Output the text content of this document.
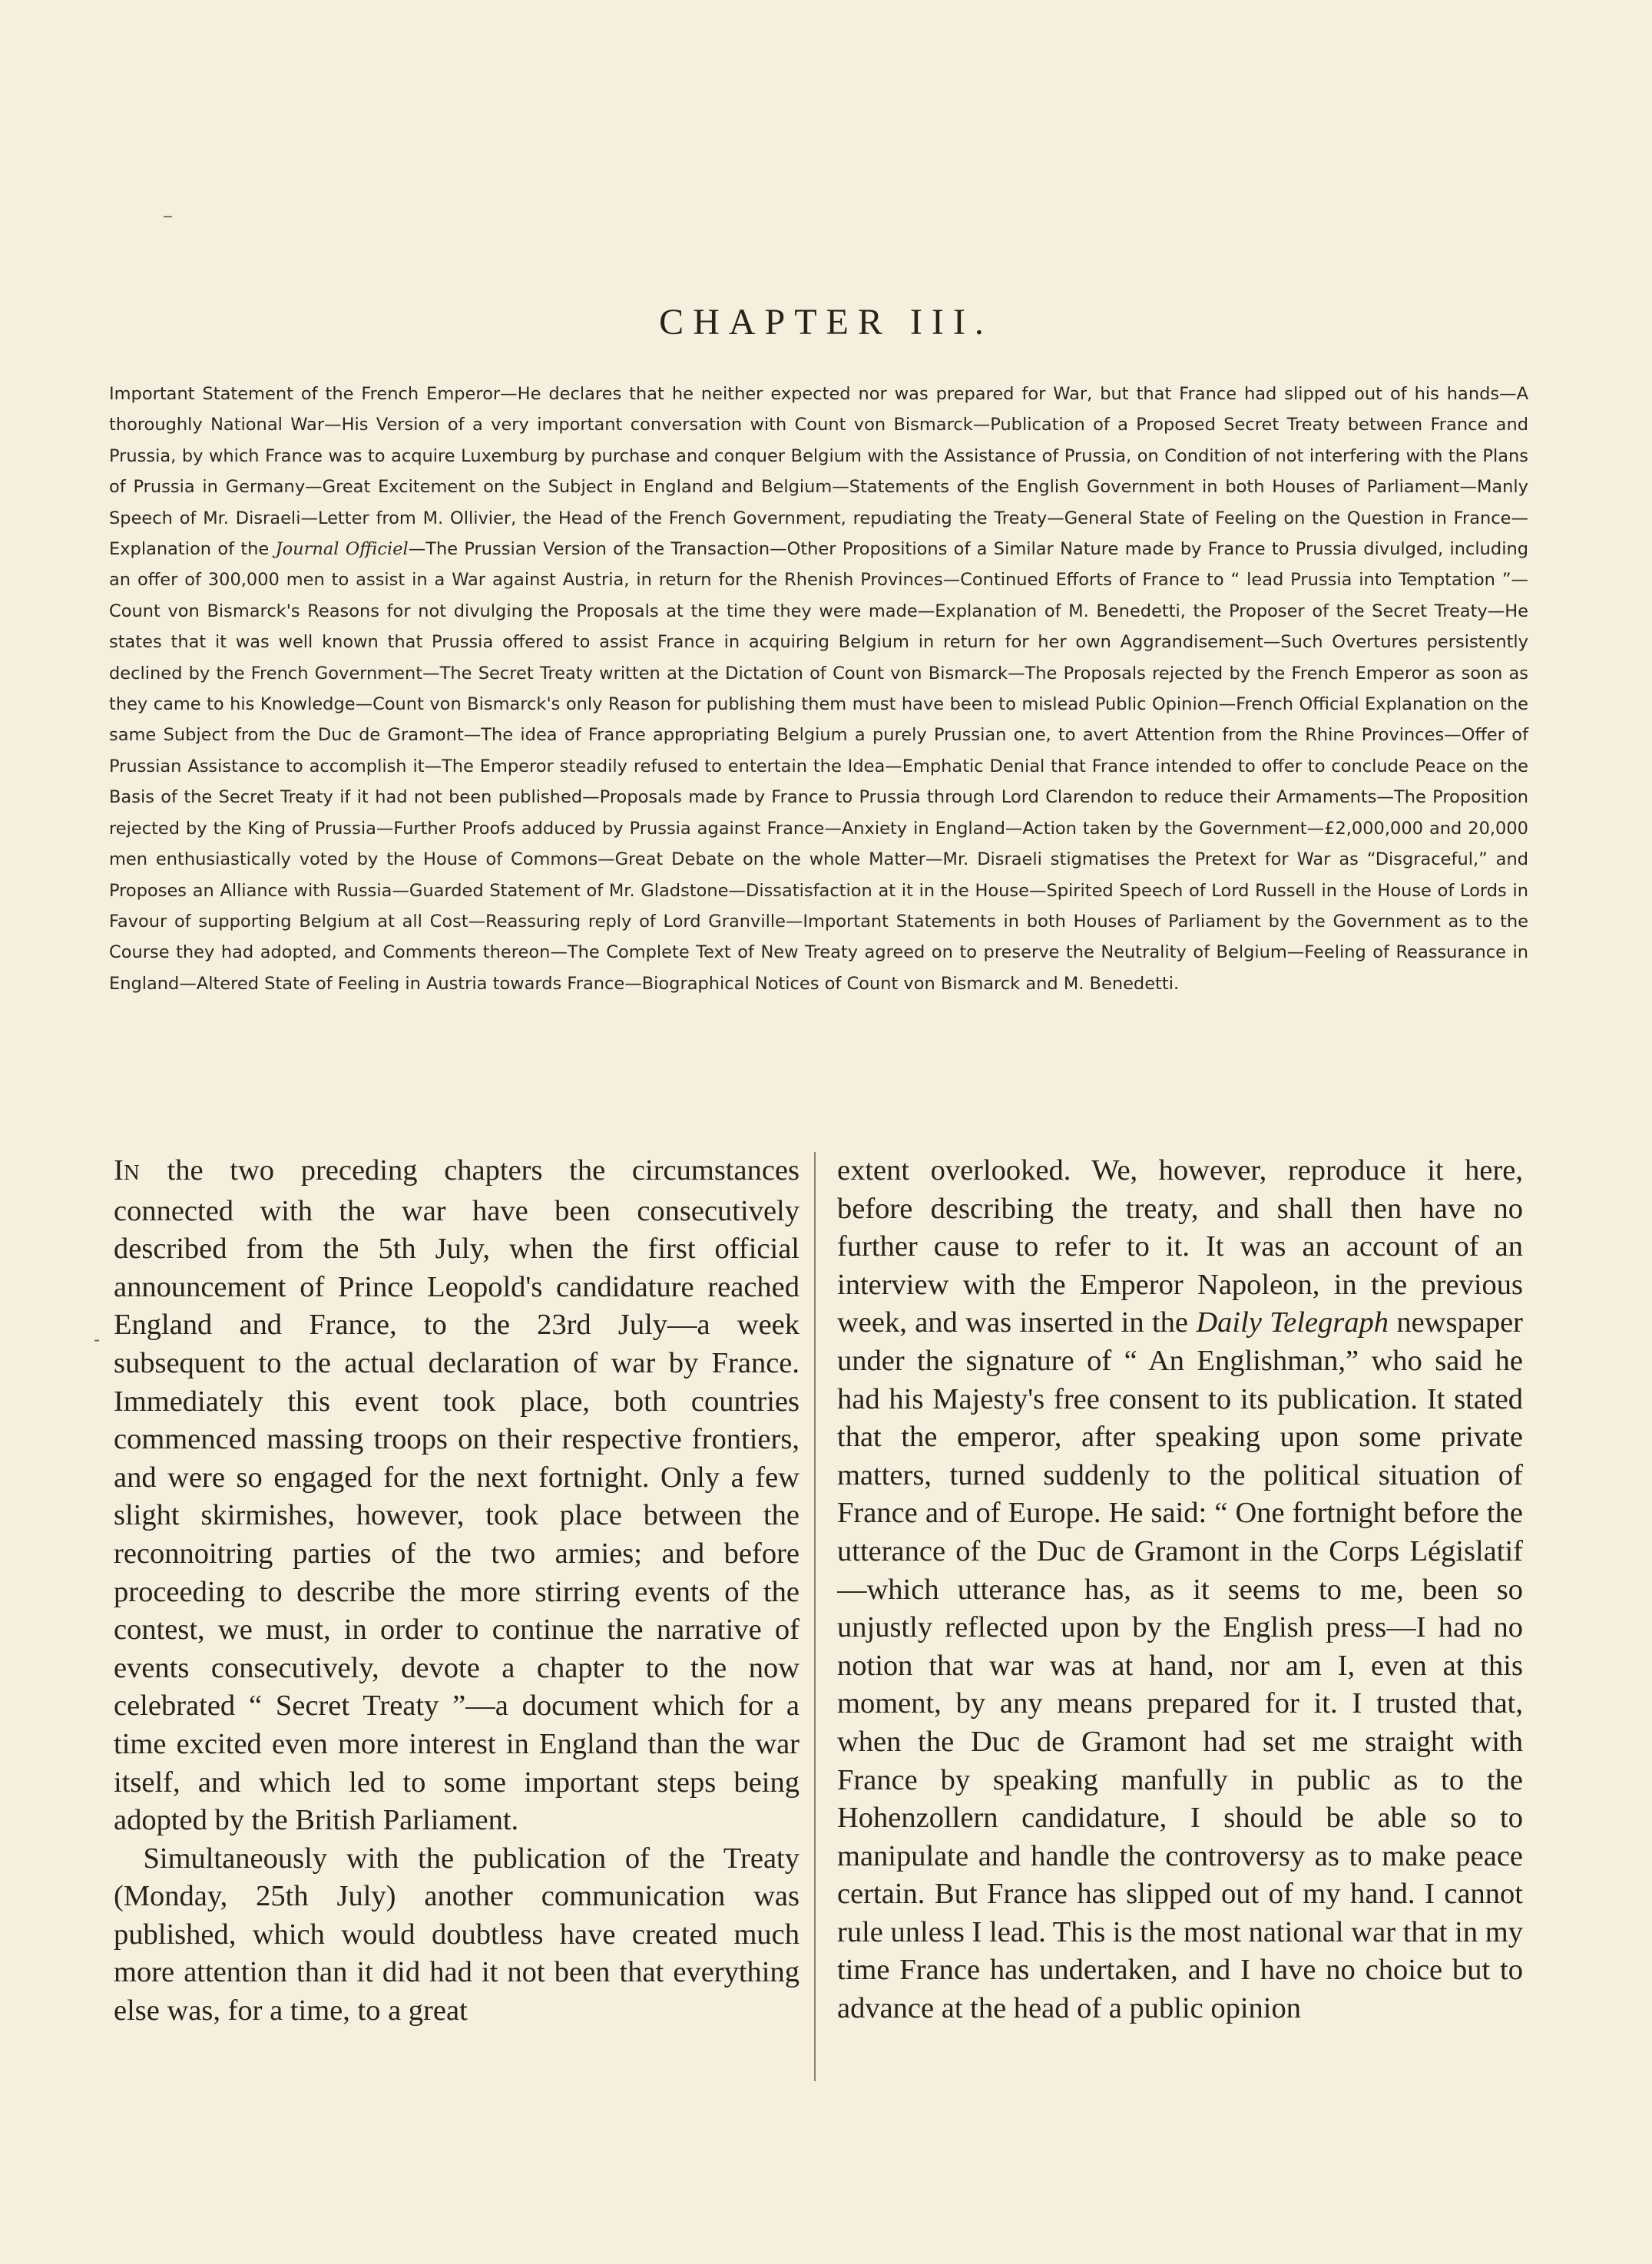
–
CHAPTER III.

Important Statement of the French Emperor—He declares that he neither expected nor was prepared for War, but that France had slipped out of his hands—A thoroughly National War—His Version of a very important conversation with Count von Bismarck—Publication of a Proposed Secret Treaty between France and Prussia, by which France was to acquire Luxemburg by purchase and conquer Belgium with the Assistance of Prussia, on Condition of not interfering with the Plans of Prussia in Germany—Great Excitement on the Subject in England and Belgium—Statements of the English Government in both Houses of Parliament—Manly Speech of Mr. Disraeli—Letter from M. Ollivier, the Head of the French Government, repudiating the Treaty—General State of Feeling on the Question in France—Explanation of the Journal Officiel—The Prussian Version of the Transaction—Other Propositions of a Similar Nature made by France to Prussia divulged, including an offer of 300,000 men to assist in a War against Austria, in return for the Rhenish Provinces—Continued Efforts of France to “ lead Prussia into Temptation ”—Count von Bismarck's Reasons for not divulging the Proposals at the time they were made—Explanation of M. Benedetti, the Proposer of the Secret Treaty—He states that it was well known that Prussia offered to assist France in acquiring Belgium in return for her own Aggrandisement—Such Overtures persistently declined by the French Government—The Secret Treaty written at the Dictation of Count von Bismarck—The Proposals rejected by the French Emperor as soon as they came to his Knowledge—Count von Bismarck's only Reason for publishing them must have been to mislead Public Opinion—French Official Explanation on the same Subject from the Duc de Gramont—The idea of France appropriating Belgium a purely Prussian one, to avert Attention from the Rhine Provinces—Offer of Prussian Assistance to accomplish it—The Emperor steadily refused to entertain the Idea—Emphatic Denial that France intended to offer to conclude Peace on the Basis of the Secret Treaty if it had not been published—Proposals made by France to Prussia through Lord Clarendon to reduce their Armaments—The Proposition rejected by the King of Prussia—Further Proofs adduced by Prussia against France—Anxiety in England—Action taken by the Government—£2,000,000 and 20,000 men enthusiastically voted by the House of Commons—Great Debate on the whole Matter—Mr. Disraeli stigmatises the Pretext for War as “Disgraceful,” and Proposes an Alliance with Russia—Guarded Statement of Mr. Gladstone—Dissatisfaction at it in the House—Spirited Speech of Lord Russell in the House of Lords in Favour of supporting Belgium at all Cost—Reassuring reply of Lord Granville—Important Statements in both Houses of Parliament by the Government as to the Course they had adopted, and Comments thereon—The Complete Text of New Treaty agreed on to preserve the Neutrality of Belgium—Feeling of Reassurance in England—Altered State of Feeling in Austria towards France—Biographical Notices of Count von Bismarck and M. Benedetti.

-

IN the two preceding chapters the circumstances connected with the war have been consecutively described from the 5th July, when the first official announcement of Prince Leopold's candidature reached England and France, to the 23rd July—a week subsequent to the actual declaration of war by France. Immediately this event took place, both countries commenced massing troops on their respective frontiers, and were so engaged for the next fortnight. Only a few slight skirmishes, however, took place between the reconnoitring parties of the two armies; and before proceeding to describe the more stirring events of the contest, we must, in order to continue the narrative of events consecutively, devote a chapter to the now celebrated “ Secret Treaty ”—a document which for a time excited even more interest in England than the war itself, and which led to some important steps being adopted by the British Parliament.

 Simultaneously with the publication of the Treaty (Monday, 25th July) another communication was published, which would doubtless have created much more attention than it did had it not been that everything else was, for a time, to a great

extent overlooked. We, however, reproduce it here, before describing the treaty, and shall then have no further cause to refer to it. It was an account of an interview with the Emperor Napoleon, in the previous week, and was inserted in the Daily Telegraph newspaper under the signature of “ An Englishman,” who said he had his Majesty's free consent to its publication. It stated that the emperor, after speaking upon some private matters, turned suddenly to the political situation of France and of Europe. He said: “ One fortnight before the utterance of the Duc de Gramont in the Corps Législatif—which utterance has, as it seems to me, been so unjustly reflected upon by the English press—I had no notion that war was at hand, nor am I, even at this moment, by any means prepared for it. I trusted that, when the Duc de Gramont had set me straight with France by speaking manfully in public as to the Hohenzollern candidature, I should be able so to manipulate and handle the controversy as to make peace certain. But France has slipped out of my hand. I cannot rule unless I lead. This is the most national war that in my time France has undertaken, and I have no choice but to advance at the head of a public opinion
